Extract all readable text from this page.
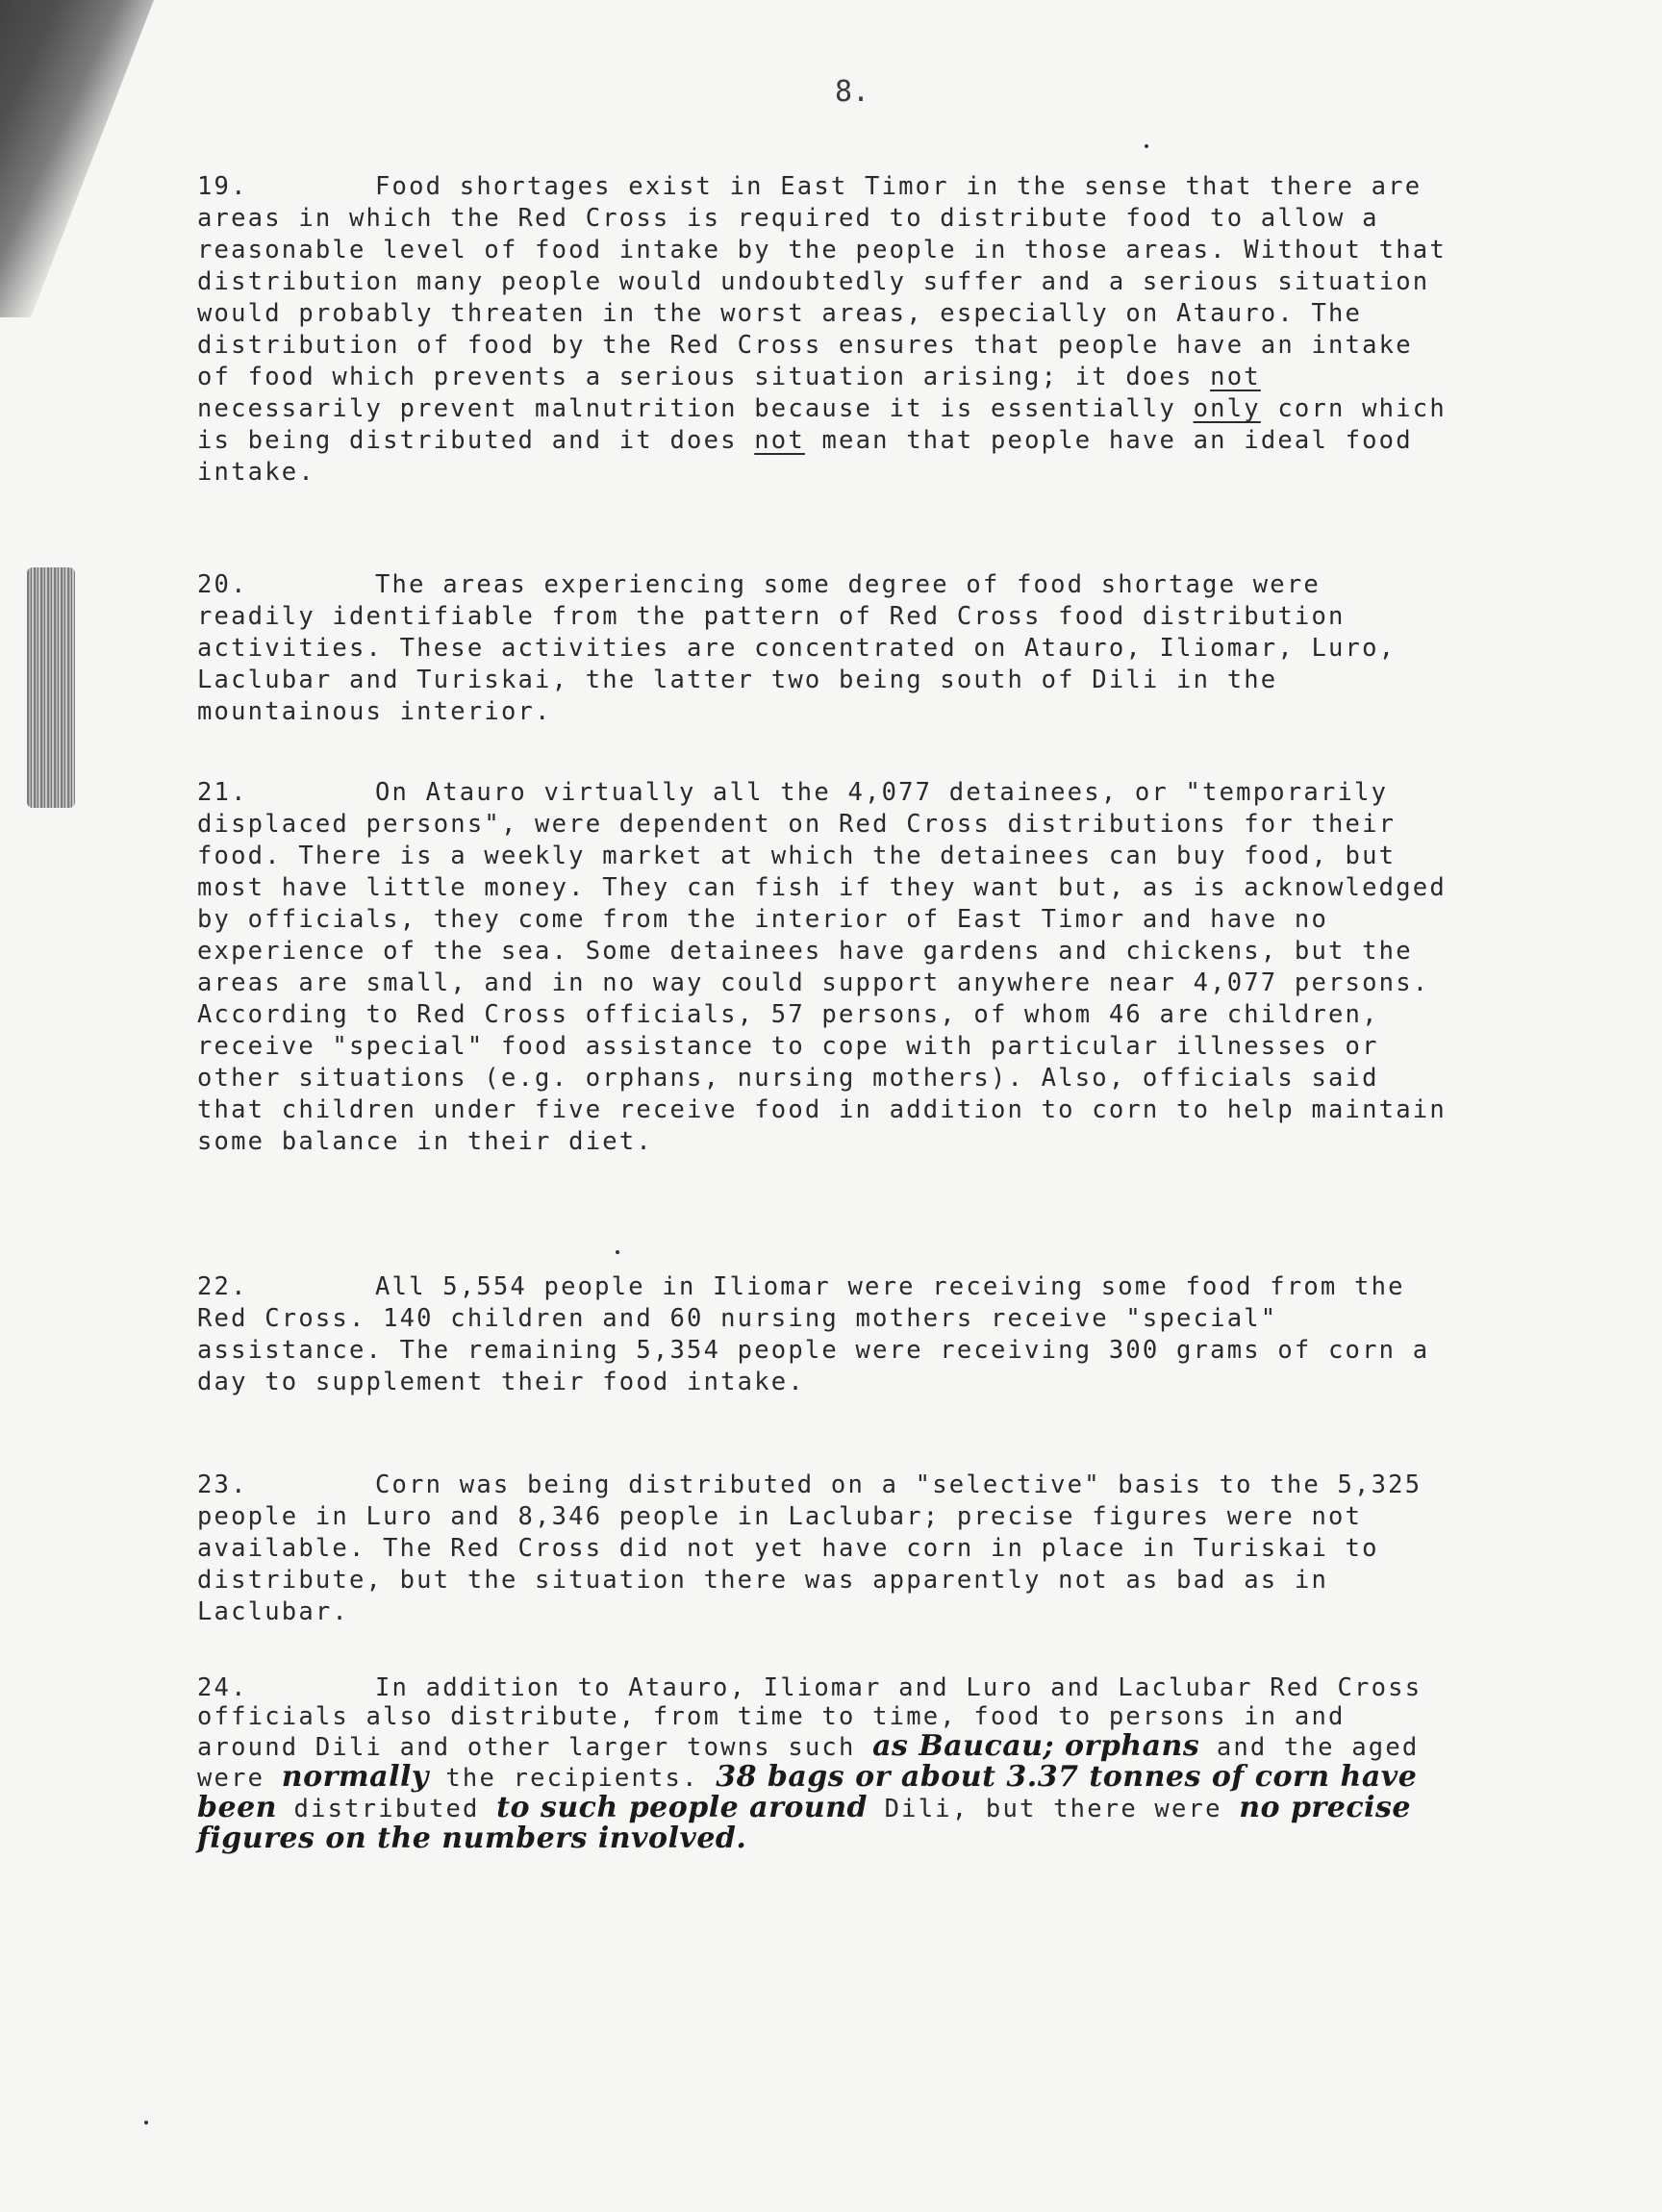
8.

19.	Food shortages exist in East Timor in the sense that there are areas in which the Red Cross is required to distribute food to allow a reasonable level of food intake by the people in those areas. Without that distribution many people would undoubtedly suffer and a serious situation would probably threaten in the worst areas, especially on Atauro. The distribution of food by the Red Cross ensures that people have an intake of food which prevents a serious situation arising; it does not necessarily prevent malnutrition because it is essentially only corn which is being distributed and it does not mean that people have an ideal food intake.

20.	The areas experiencing some degree of food shortage were readily identifiable from the pattern of Red Cross food distribution activities. These activities are concentrated on Atauro, Iliomar, Luro, Laclubar and Turiskai, the latter two being south of Dili in the mountainous interior.

21.	On Atauro virtually all the 4,077 detainees, or "temporarily displaced persons", were dependent on Red Cross distributions for their food. There is a weekly market at which the detainees can buy food, but most have little money. They can fish if they want but, as is acknowledged by officials, they come from the interior of East Timor and have no experience of the sea. Some detainees have gardens and chickens, but the areas are small, and in no way could support anywhere near 4,077 persons. According to Red Cross officials, 57 persons, of whom 46 are children, receive "special" food assistance to cope with particular illnesses or other situations (e.g. orphans, nursing mothers). Also, officials said that children under five receive food in addition to corn to help maintain some balance in their diet.

22.	All 5,554 people in Iliomar were receiving some food from the Red Cross. 140 children and 60 nursing mothers receive "special" assistance. The remaining 5,354 people were receiving 300 grams of corn a day to supplement their food intake.

23.	Corn was being distributed on a "selective" basis to the 5,325 people in Luro and 8,346 people in Laclubar; precise figures were not available. The Red Cross did not yet have corn in place in Turiskai to distribute, but the situation there was apparently not as bad as in Laclubar.

24.	In addition to Atauro, Iliomar and Luro and Laclubar Red Cross officials also distribute, from time to time, food to persons in and around Dili and other larger towns such as Baucau; orphans and the aged were normally the recipients. 38 bags or about 3.37 tonnes of corn have been distributed to such people around Dili, but there were no precise figures on the numbers involved.
